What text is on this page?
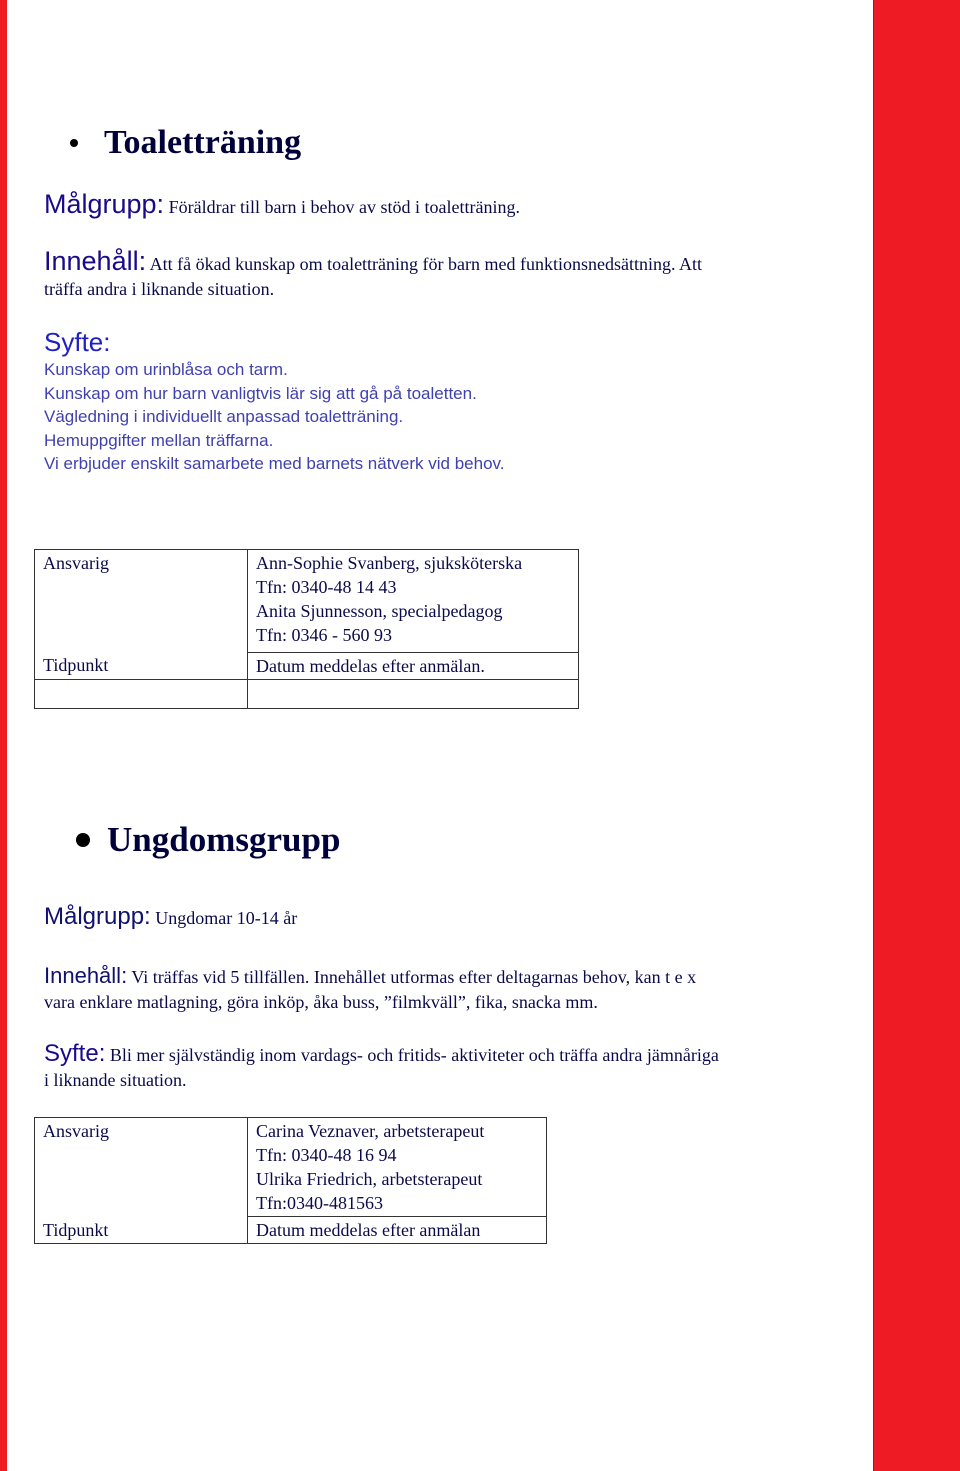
Toaletträning
Målgrupp: Föräldrar till barn i behov av stöd i toaletträning.
Innehåll: Att få ökad kunskap om toaletträning för barn med funktionsnedsättning. Att
träffa andra i liknande situation.
Syfte:
Kunskap om urinblåsa och tarm.
Kunskap om hur barn vanligtvis lär sig att gå på toaletten.
Vägledning i individuellt anpassad toaletträning.
Hemuppgifter mellan träffarna.
Vi erbjuder enskilt samarbete med barnets nätverk vid behov.
Ansvarig	Ann-Sophie Svanberg, sjuksköterska
Tfn: 0340-48 14 43
Anita Sjunnesson, specialpedagog
Tfn: 0346 - 560 93

Tidpunkt	Datum meddelas efter anmälan.

Ungdomsgrupp
Målgrupp: Ungdomar 10-14 år
Innehåll: Vi träffas vid 5 tillfällen. Innehållet utformas efter deltagarnas behov, kan t e x
vara enklare matlagning, göra inköp, åka buss, ”filmkväll”, fika, snacka mm.
Syfte: Bli mer självständig inom vardags- och fritids- aktiviteter och träffa andra jämnåriga
i liknande situation.
Ansvarig	Carina Veznaver, arbetsterapeut
Tfn: 0340-48 16 94
Ulrika Friedrich, arbetsterapeut
Tfn:0340-481563

Tidpunkt	Datum meddelas efter anmälan
